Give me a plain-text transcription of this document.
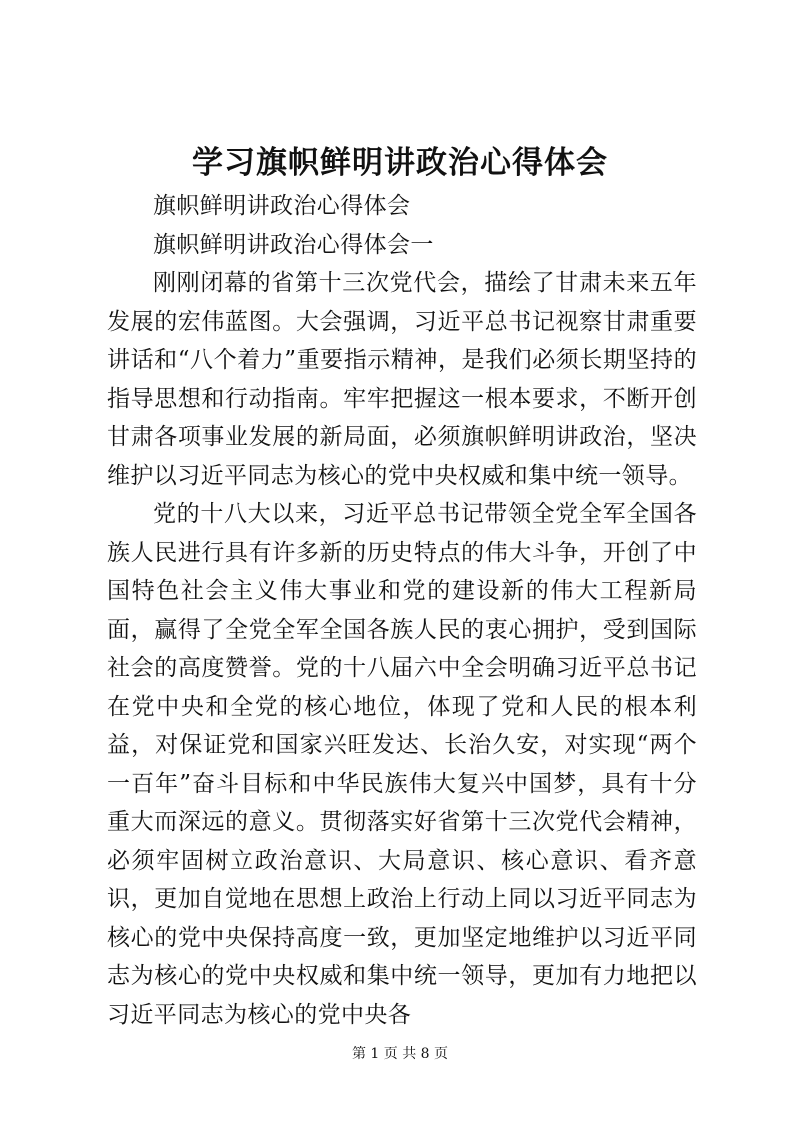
学习旗帜鲜明讲政治心得体会

旗帜鲜明讲政治心得体会

旗帜鲜明讲政治心得体会一

刚刚闭幕的省第十三次党代会，描绘了甘肃未来五年发展的宏伟蓝图。大会强调，习近平总书记视察甘肃重要讲话和“八个着力”重要指示精神，是我们必须长期坚持的指导思想和行动指南。牢牢把握这一根本要求，不断开创甘肃各项事业发展的新局面，必须旗帜鲜明讲政治，坚决维护以习近平同志为核心的党中央权威和集中统一领导。

党的十八大以来，习近平总书记带领全党全军全国各族人民进行具有许多新的历史特点的伟大斗争，开创了中国特色社会主义伟大事业和党的建设新的伟大工程新局面，赢得了全党全军全国各族人民的衷心拥护，受到国际社会的高度赞誉。党的十八届六中全会明确习近平总书记在党中央和全党的核心地位，体现了党和人民的根本利益，对保证党和国家兴旺发达、长治久安，对实现“两个一百年”奋斗目标和中华民族伟大复兴中国梦，具有十分重大而深远的意义。贯彻落实好省第十三次党代会精神，必须牢固树立政治意识、大局意识、核心意识、看齐意识，更加自觉地在思想上政治上行动上同以习近平同志为核心的党中央保持高度一致，更加坚定地维护以习近平同志为核心的党中央权威和集中统一领导，更加有力地把以习近平同志为核心的党中央各

第 1 页 共 8 页
